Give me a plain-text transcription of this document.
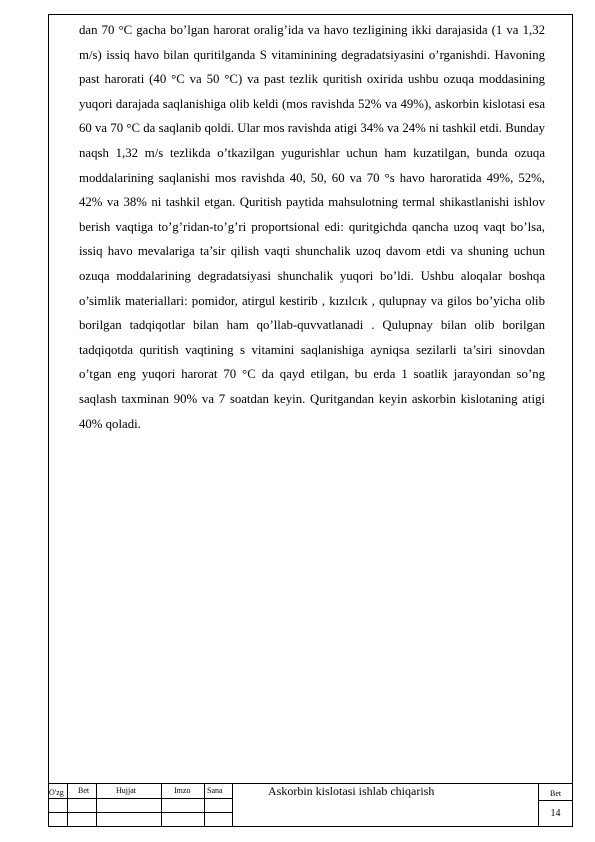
dan 70 °C gacha bo’lgan harorat oralig’ida va havo tezligining ikki darajasida (1 va 1,32 m/s) issiq havo bilan quritilganda S vitaminining degradatsiyasini o’rganishdi. Havoning past harorati (40 °C va 50 °C) va past tezlik quritish oxirida ushbu ozuqa moddasining yuqori darajada saqlanishiga olib keldi (mos ravishda 52% va 49%), askorbin kislotasi esa 60 va 70 °C da saqlanib qoldi. Ular mos ravishda atigi 34% va 24% ni tashkil etdi. Bunday naqsh 1,32 m/s tezlikda o’tkazilgan yugurishlar uchun ham kuzatilgan, bunda ozuqa moddalarining saqlanishi mos ravishda 40, 50, 60 va 70 °s havo haroratida 49%, 52%, 42% va 38% ni tashkil etgan. Quritish paytida mahsulotning termal shikastlanishi ishlov berish vaqtiga to’g’ridan-to’g’ri proportsional edi: quritgichda qancha uzoq vaqt bo’lsa, issiq havo mevalariga ta’sir qilish vaqti shunchalik uzoq davom etdi va shuning uchun ozuqa moddalarining degradatsiyasi shunchalik yuqori bo’ldi. Ushbu aloqalar boshqa o’simlik materiallari: pomidor, atirgul kestirib , kızılcık , qulupnay va gilos bo’yicha olib borilgan tadqiqotlar bilan ham qo’llab-quvvatlanadi . Qulupnay bilan olib borilgan tadqiqotda quritish vaqtining s vitamini saqlanishiga ayniqsa sezilarli ta’siri sinovdan o’tgan eng yuqori harorat 70 °C da qayd etilgan, bu erda 1 soatlik jarayondan so’ng saqlash taxminan 90% va 7 soatdan keyin. Quritgandan keyin askorbin kislotaning atigi 40% qoladi.

O'zg Bet	Hujjat	Imzo Sana	Askorbin kislotasi ishlab chiqarish	Bet
14
